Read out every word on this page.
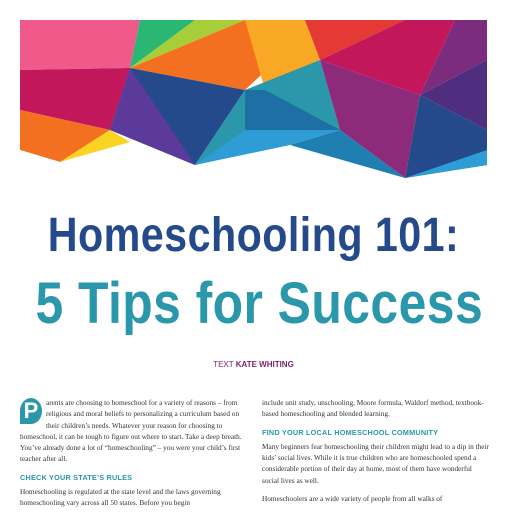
Homeschooling 101:
5 Tips for Success
TEXT KATE WHITING

P	arents are choosing to homeschool for a variety of reasons – from religious and moral beliefs to personalizing a curriculum based on their children’s needs. Whatever your reason for choosing to homeschool, it can be tough to figure out where to start. Take a deep breath. You’ve already done a lot of “homeschooling” – you were your child’s first teacher after all.

CHECK YOUR STATE’S RULES

Homeschooling is regulated at the state level and the laws governing homeschooling vary across all 50 states. Before you begin

include unit study, unschooling, Moore formula, Waldorf method, textbook-based homeschooling and blended learning.

FIND YOUR LOCAL HOMESCHOOL COMMUNITY

Many beginners fear homeschooling their children might lead to a dip in their kids’ social lives. While it is true children who are homeschooled spend a considerable portion of their day at home, most of them have wonderful social lives as well.

Homeschoolers are a wide variety of people from all walks of
